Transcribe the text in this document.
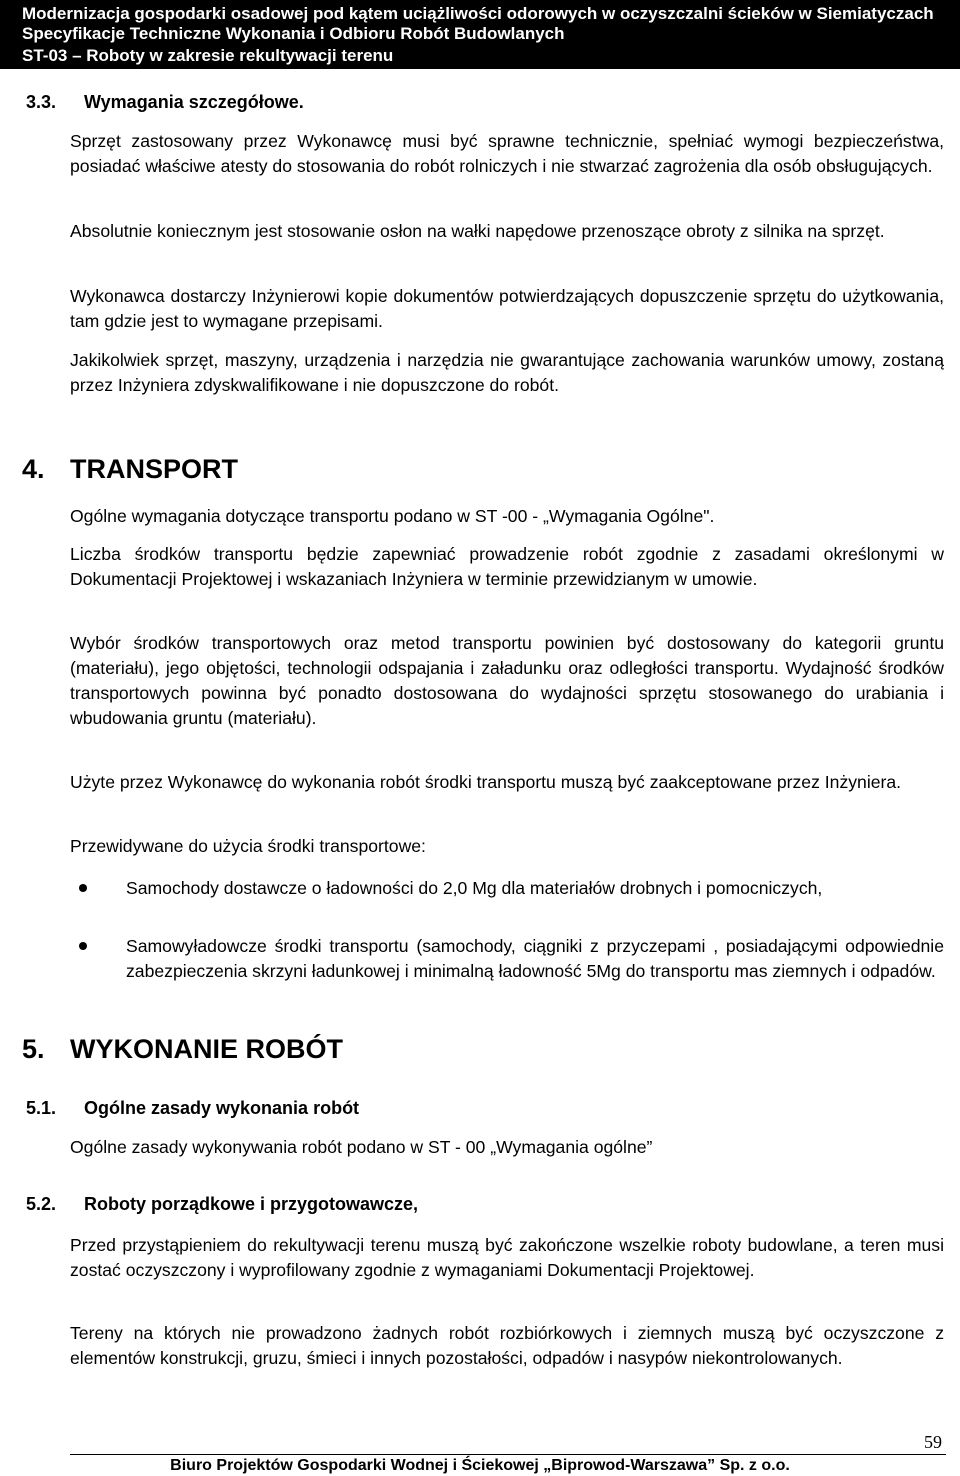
Modernizacja gospodarki osadowej pod kątem uciążliwości odorowych w oczyszczalni ścieków w Siemiatyczach
Specyfikacje Techniczne Wykonania i Odbioru Robót Budowlanych
ST-03 – Roboty w zakresie rekultywacji terenu
3.3. Wymagania szczegółowe.
Sprzęt zastosowany przez Wykonawcę musi być sprawne technicznie, spełniać wymogi bezpieczeństwa, posiadać właściwe atesty do stosowania do robót rolniczych i nie stwarzać zagrożenia dla osób obsługujących.
Absolutnie koniecznym jest stosowanie osłon na wałki napędowe przenoszące obroty z silnika na sprzęt.
Wykonawca dostarczy Inżynierowi kopie dokumentów potwierdzających dopuszczenie sprzętu do użytkowania, tam gdzie jest to wymagane przepisami.
Jakikolwiek sprzęt, maszyny, urządzenia i narzędzia nie gwarantujące zachowania warunków umowy, zostaną przez Inżyniera zdyskwalifikowane i nie dopuszczone do robót.
4. TRANSPORT
Ogólne wymagania dotyczące transportu podano w ST -00 - „Wymagania Ogólne".
Liczba środków transportu będzie zapewniać prowadzenie robót zgodnie z zasadami określonymi w Dokumentacji Projektowej i wskazaniach Inżyniera w terminie przewidzianym w umowie.
Wybór środków transportowych oraz metod transportu powinien być dostosowany do kategorii gruntu (materiału), jego objętości, technologii odspajania i załadunku oraz odległości transportu. Wydajność środków transportowych powinna być ponadto dostosowana do wydajności sprzętu stosowanego do urabiania i wbudowania gruntu (materiału).
Użyte przez Wykonawcę do wykonania robót środki transportu muszą być zaakceptowane przez Inżyniera.
Przewidywane do użycia środki transportowe:
Samochody dostawcze o ładowności do 2,0 Mg dla materiałów drobnych i pomocniczych,
Samowyładowcze środki transportu (samochody, ciągniki z przyczepami , posiadającymi odpowiednie zabezpieczenia skrzyni ładunkowej i minimalną ładowność 5Mg do transportu mas ziemnych i odpadów.
5. WYKONANIE ROBÓT
5.1. Ogólne zasady wykonania robót
Ogólne zasady wykonywania robót podano w ST - 00 „Wymagania ogólne”
5.2. Roboty porządkowe i przygotowawcze,
Przed przystąpieniem do rekultywacji terenu muszą być zakończone wszelkie roboty budowlane, a teren musi zostać oczyszczony i wyprofilowany zgodnie z wymaganiami Dokumentacji Projektowej.
Tereny na których nie prowadzono żadnych robót rozbiórkowych i ziemnych muszą być oczyszczone z elementów konstrukcji, gruzu, śmieci i innych pozostałości, odpadów i nasypów niekontrolowanych.
59
Biuro Projektów Gospodarki Wodnej i Ściekowej „Biprowod-Warszawa” Sp. z o.o.
